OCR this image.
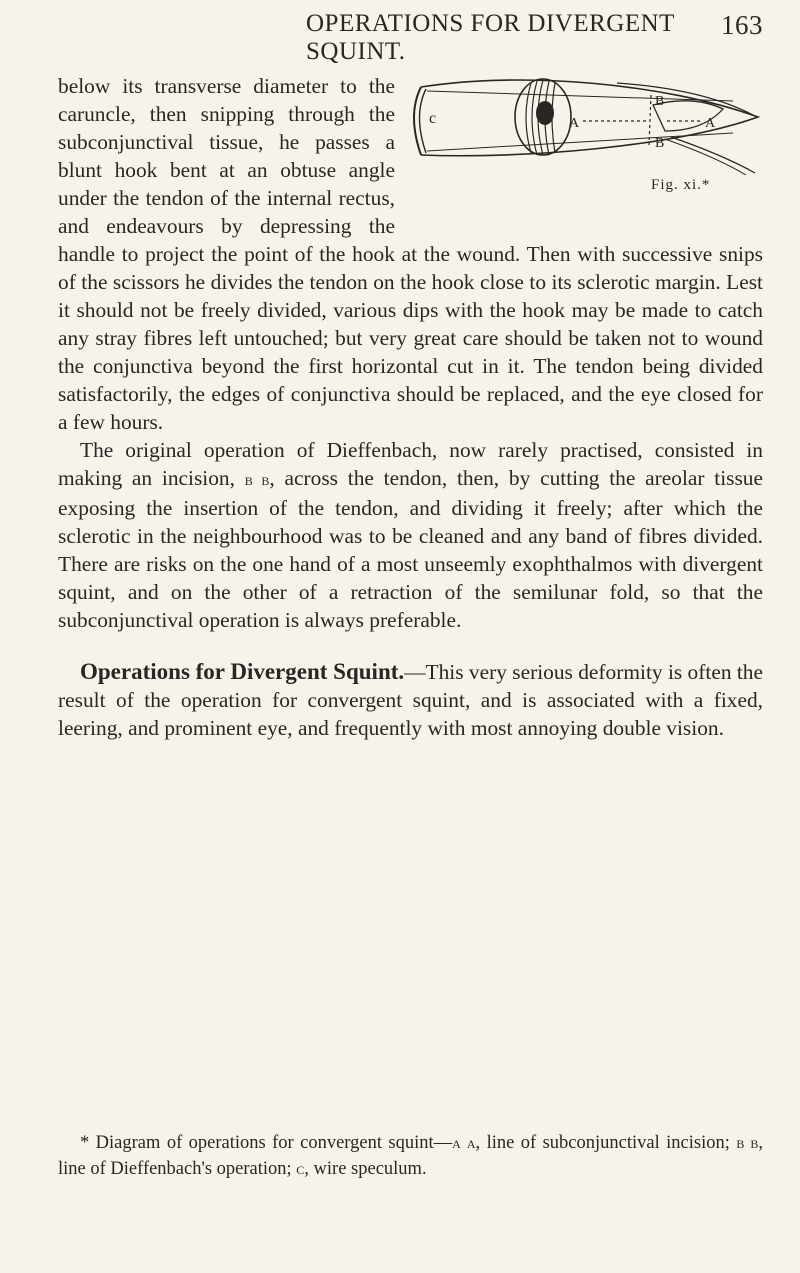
OPERATIONS FOR DIVERGENT SQUINT.
163
c
B
A	A
B
Fig. xi.*

below its transverse diameter to the caruncle, then snipping through the subconjunctival tissue, he passes a blunt hook bent at an obtuse angle under the tendon of the internal rectus, and endeavours by depressing the handle to project the point of the hook at the wound. Then with successive snips of the scissors he divides the tendon on the hook close to its sclerotic margin. Lest it should not be freely divided, various dips with the hook may be made to catch any stray fibres left untouched; but very great care should be taken not to wound the conjunctiva beyond the first horizontal cut in it. The tendon being divided satisfactorily, the edges of conjunctiva should be replaced, and the eye closed for a few hours.

The original operation of Dieffenbach, now rarely practised, consisted in making an incision, b b, across the tendon, then, by cutting the areolar tissue exposing the insertion of the tendon, and dividing it freely; after which the sclerotic in the neighbourhood was to be cleaned and any band of fibres divided. There are risks on the one hand of a most unseemly exophthalmos with divergent squint, and on the other of a retraction of the semilunar fold, so that the subconjunctival operation is always preferable.

Operations for Divergent Squint.—This very serious deformity is often the result of the operation for convergent squint, and is associated with a fixed, leering, and prominent eye, and frequently with most annoying double vision.

* Diagram of operations for convergent squint—a a, line of subconjunctival incision; b b, line of Dieffenbach's operation; c, wire speculum.
